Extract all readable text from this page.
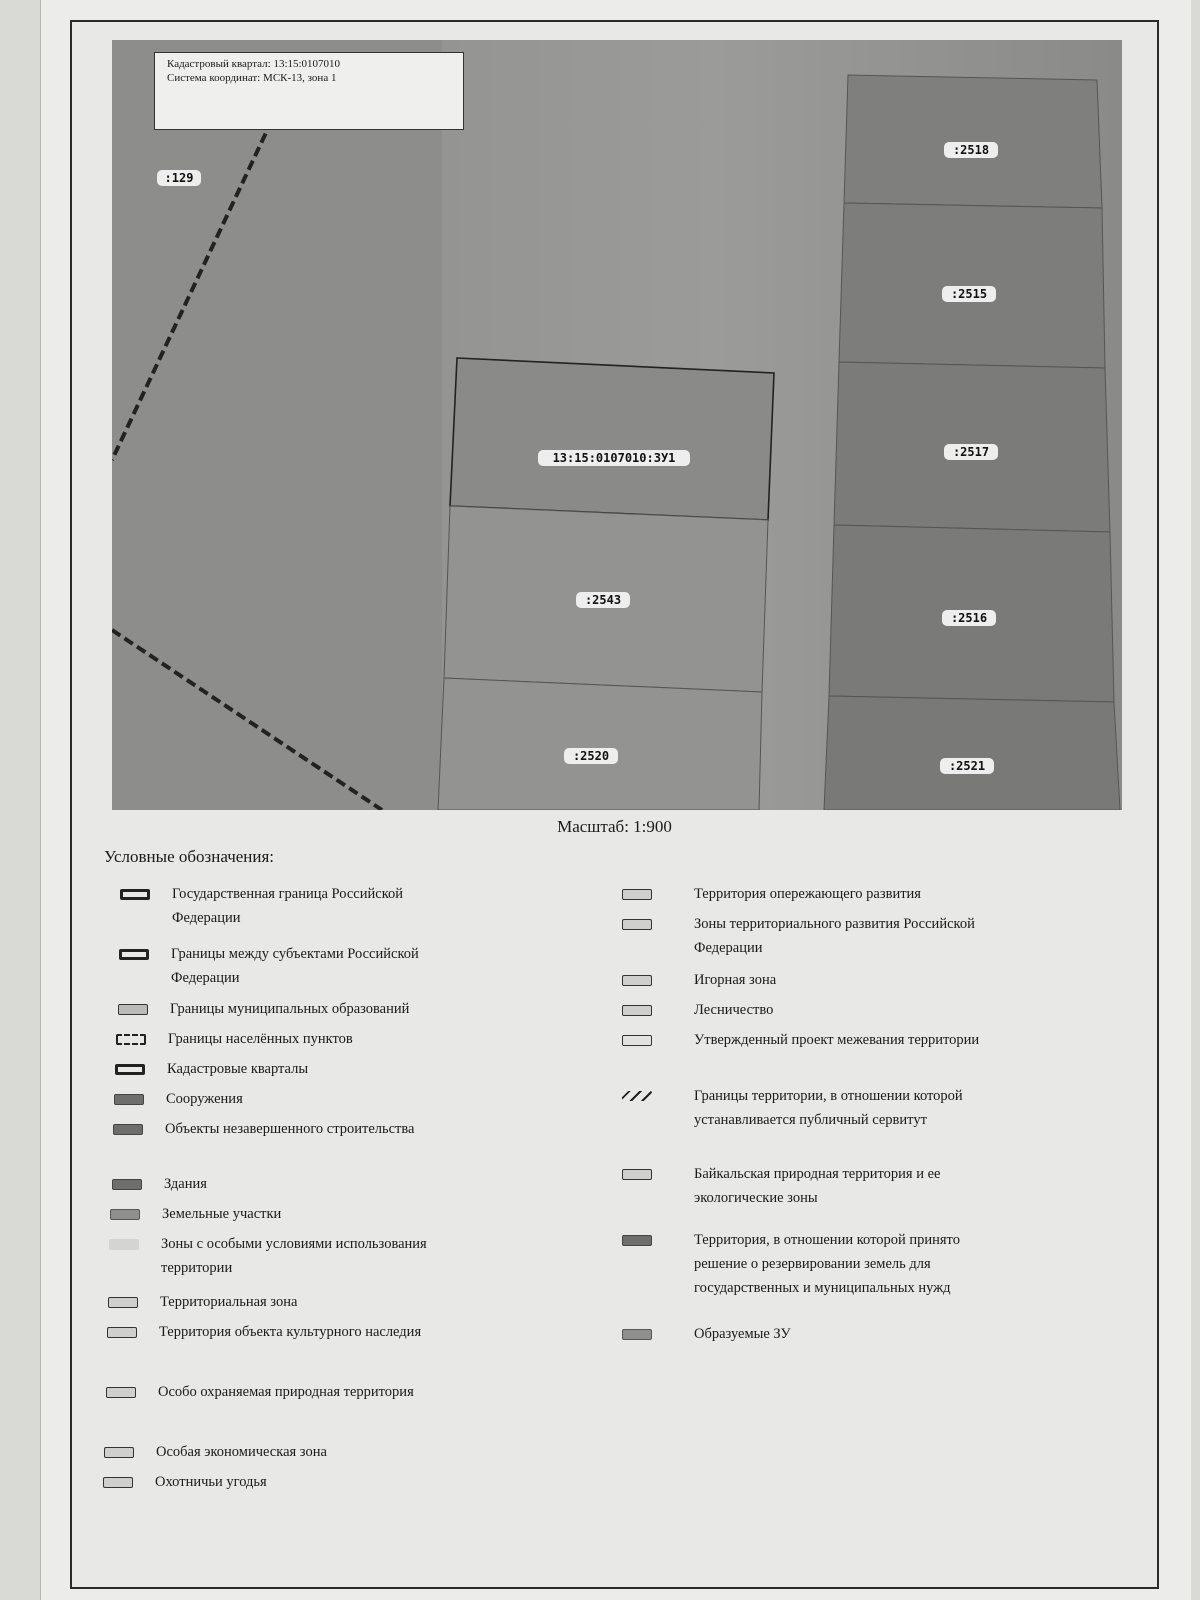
:129
:2518
:2515
:2517
:2516
:2521
13:15:0107010:ЗУ1
:2543
:2520
Кадастровый квартал: 13:15:0107010
Система координат: МСК-13, зона 1
Масштаб: 1:900
Условные обозначения:
Государственная граница Российской Федерации
Границы между субъектами Российской Федерации
Границы муниципальных образований
Границы населённых пунктов
Кадастровые кварталы
Сооружения
Объекты незавершенного строительства
Здания
Земельные участки
Зоны с особыми условиями использования территории
Территориальная зона
Территория объекта культурного наследия
Особо охраняемая природная территория
Особая экономическая зона
Охотничьи угодья
Территория опережающего развития
Зоны территориального развития Российской Федерации
Игорная зона
Лесничество
Утвержденный проект межевания территории
Границы территории, в отношении которой устанавливается публичный сервитут
Байкальская природная территория и ее экологические зоны
Территория, в отношении которой принято решение о резервировании земель для государственных и муниципальных нужд
Образуемые ЗУ
